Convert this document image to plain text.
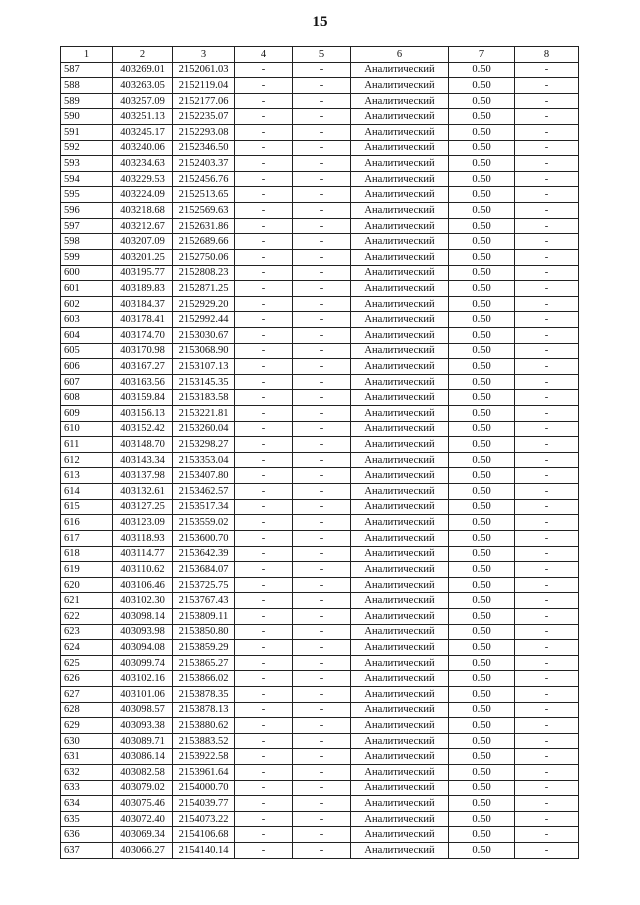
15
1	2	3	4	5	6	7	8
587	403269.01	2152061.03	-	-	Аналитический	0.50	-
588	403263.05	2152119.04	-	-	Аналитический	0.50	-
589	403257.09	2152177.06	-	-	Аналитический	0.50	-
590	403251.13	2152235.07	-	-	Аналитический	0.50	-
591	403245.17	2152293.08	-	-	Аналитический	0.50	-
592	403240.06	2152346.50	-	-	Аналитический	0.50	-
593	403234.63	2152403.37	-	-	Аналитический	0.50	-
594	403229.53	2152456.76	-	-	Аналитический	0.50	-
595	403224.09	2152513.65	-	-	Аналитический	0.50	-
596	403218.68	2152569.63	-	-	Аналитический	0.50	-
597	403212.67	2152631.86	-	-	Аналитический	0.50	-
598	403207.09	2152689.66	-	-	Аналитический	0.50	-
599	403201.25	2152750.06	-	-	Аналитический	0.50	-
600	403195.77	2152808.23	-	-	Аналитический	0.50	-
601	403189.83	2152871.25	-	-	Аналитический	0.50	-
602	403184.37	2152929.20	-	-	Аналитический	0.50	-
603	403178.41	2152992.44	-	-	Аналитический	0.50	-
604	403174.70	2153030.67	-	-	Аналитический	0.50	-
605	403170.98	2153068.90	-	-	Аналитический	0.50	-
606	403167.27	2153107.13	-	-	Аналитический	0.50	-
607	403163.56	2153145.35	-	-	Аналитический	0.50	-
608	403159.84	2153183.58	-	-	Аналитический	0.50	-
609	403156.13	2153221.81	-	-	Аналитический	0.50	-
610	403152.42	2153260.04	-	-	Аналитический	0.50	-
611	403148.70	2153298.27	-	-	Аналитический	0.50	-
612	403143.34	2153353.04	-	-	Аналитический	0.50	-
613	403137.98	2153407.80	-	-	Аналитический	0.50	-
614	403132.61	2153462.57	-	-	Аналитический	0.50	-
615	403127.25	2153517.34	-	-	Аналитический	0.50	-
616	403123.09	2153559.02	-	-	Аналитический	0.50	-
617	403118.93	2153600.70	-	-	Аналитический	0.50	-
618	403114.77	2153642.39	-	-	Аналитический	0.50	-
619	403110.62	2153684.07	-	-	Аналитический	0.50	-
620	403106.46	2153725.75	-	-	Аналитический	0.50	-
621	403102.30	2153767.43	-	-	Аналитический	0.50	-
622	403098.14	2153809.11	-	-	Аналитический	0.50	-
623	403093.98	2153850.80	-	-	Аналитический	0.50	-
624	403094.08	2153859.29	-	-	Аналитический	0.50	-
625	403099.74	2153865.27	-	-	Аналитический	0.50	-
626	403102.16	2153866.02	-	-	Аналитический	0.50	-
627	403101.06	2153878.35	-	-	Аналитический	0.50	-
628	403098.57	2153878.13	-	-	Аналитический	0.50	-
629	403093.38	2153880.62	-	-	Аналитический	0.50	-
630	403089.71	2153883.52	-	-	Аналитический	0.50	-
631	403086.14	2153922.58	-	-	Аналитический	0.50	-
632	403082.58	2153961.64	-	-	Аналитический	0.50	-
633	403079.02	2154000.70	-	-	Аналитический	0.50	-
634	403075.46	2154039.77	-	-	Аналитический	0.50	-
635	403072.40	2154073.22	-	-	Аналитический	0.50	-
636	403069.34	2154106.68	-	-	Аналитический	0.50	-
637	403066.27	2154140.14	-	-	Аналитический	0.50	-
